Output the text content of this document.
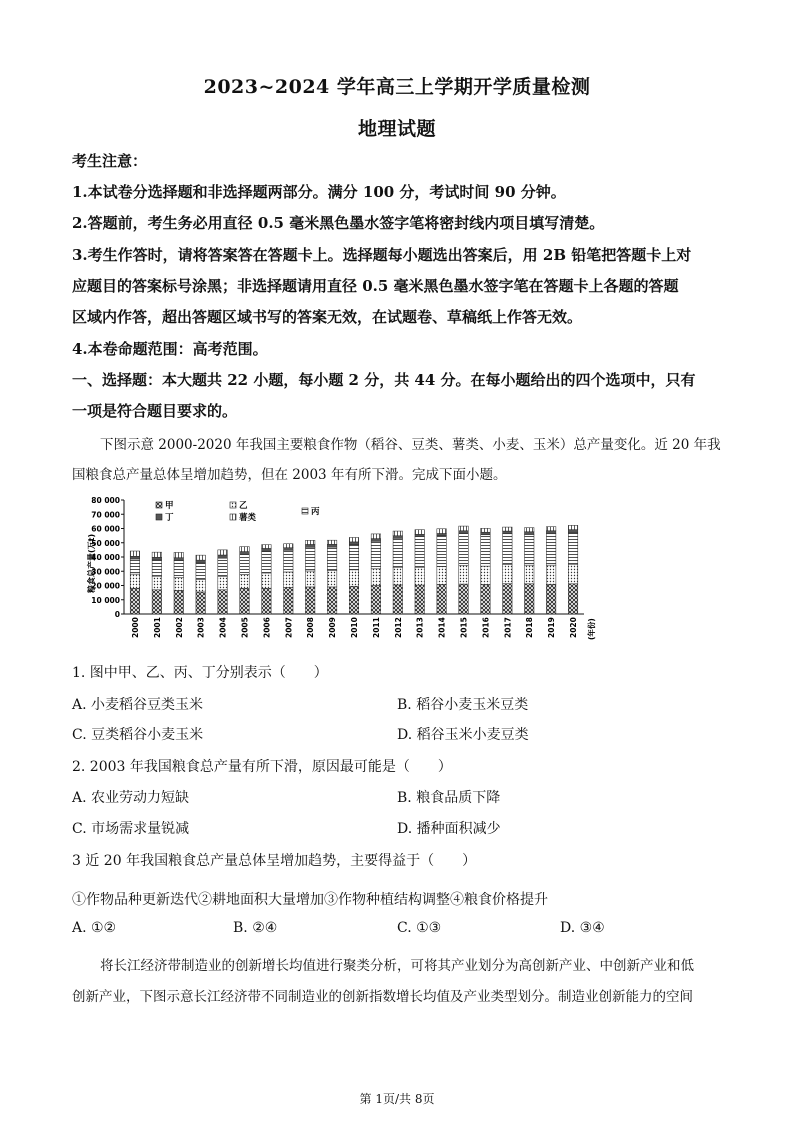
2023~2024 学年高三上学期开学质量检测
地理试题
考生注意：
1.本试卷分选择题和非选择题两部分。满分 100 分，考试时间 90 分钟。
2.答题前，考生务必用直径 0.5 毫米黑色墨水签字笔将密封线内项目填写清楚。
3.考生作答时，请将答案答在答题卡上。选择题每小题选出答案后，用 2B 铅笔把答题卡上对
应题目的答案标号涂黑；非选择题请用直径 0.5 毫米黑色墨水签字笔在答题卡上各题的答题
区域内作答，超出答题区域书写的答案无效，在试题卷、草稿纸上作答无效。
4.本卷命题范围：高考范围。
一、选择题：本大题共 22 小题，每小题 2 分，共 44 分。在每小题给出的四个选项中，只有
一项是符合题目要求的。
下图示意 2000-2020 年我国主要粮食作物（稻谷、豆类、薯类、小麦、玉米）总产量变化。近 20 年我
国粮食总产量总体呈增加趋势，但在 2003 年有所下滑。完成下面小题。
甲	乙
丙
丁	薯类
80 000
70 000
60 000
50 000
40 000
30 000
20 000
10 000
0
粮食总产量(万t)
2000 2001 2002 2003 2004 2005 2006 2007 2008 2009 2010 2011 2012 2013 2014 2015 2016 2017 2018 2019 2020 (年份)
1. 图中甲、乙、丙、丁分别表示（　　）
A. 小麦稻谷豆类玉米	B. 稻谷小麦玉米豆类
C. 豆类稻谷小麦玉米	D. 稻谷玉米小麦豆类
2. 2003 年我国粮食总产量有所下滑，原因最可能是（　　）
A. 农业劳动力短缺	B. 粮食品质下降
C. 市场需求量锐减	D. 播种面积减少
3 近 20 年我国粮食总产量总体呈增加趋势，主要得益于（　　）
①作物品种更新迭代②耕地面积大量增加③作物种植结构调整④粮食价格提升
A. ①②	B. ②④	C. ①③	D. ③④
将长江经济带制造业的创新增长均值进行聚类分析，可将其产业划分为高创新产业、中创新产业和低
创新产业，下图示意长江经济带不同制造业的创新指数增长均值及产业类型划分。制造业创新能力的空间
第 1页/共 8页
